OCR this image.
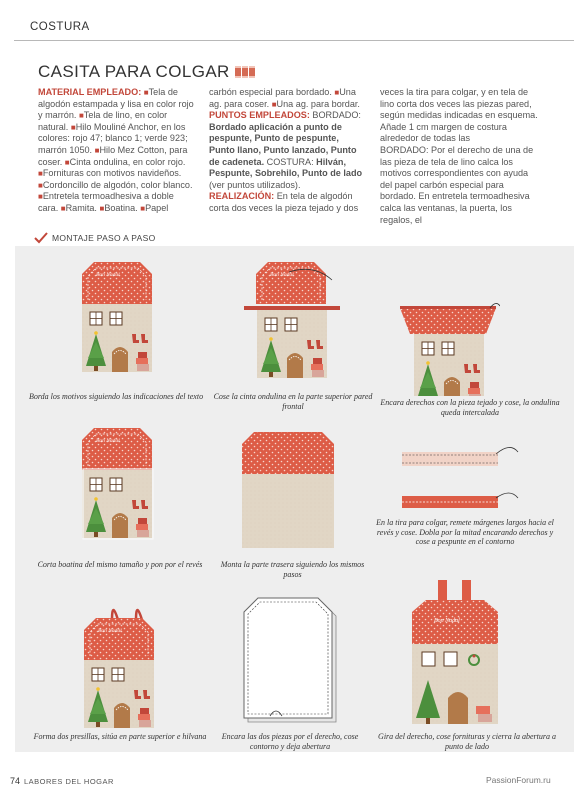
COSTURA
CASITA PARA COLGAR

MATERIAL EMPLEADO: ■Tela de algodón estampada y lisa en color rojo y marrón. ■Tela de lino, en color natural. ■Hilo Mouliné Anchor, en los colores: rojo 47; blanco 1; verde 923; marrón 1050. ■Hilo Mez Cotton, para coser. ■Cinta ondulina, en color rojo. ■Fornituras con motivos navideños. ■Cordoncillo de algodón, color blanco. ■Entretela termoadhesiva a doble cara. ■Ramita. ■Boatina. ■Papel

carbón especial para bordado. ■Una ag. para coser. ■Una ag. para bordar. PUNTOS EMPLEADOS: BORDADO: Bordado aplicación a punto de pespunte, Punto de pespunte, Punto llano, Punto lanzado, Punto de cadeneta. COSTURA: Hilván, Pespunte, Sobrehilo, Punto de lado (ver puntos utilizados). REALIZACIÓN: En tela de algodón corta dos veces la pieza tejado y dos

veces la tira para colgar, y en tela de lino corta dos veces las piezas pared, según medidas indicadas en esquema. Añade 1 cm margen de costura alrededor de todas las

BORDADO: Por el derecho de una de las pieza de tela de lino calca los motivos correspondientes con ayuda del papel carbón especial para bordado. En entretela termoadhesiva calca las ventanas, la puerta, los regalos, el

MONTAJE PASO A PASO
Bon Nadal
Borda los motivos siguiendo las indicaciones del texto
Bon Nadal
Cose la cinta ondulina en la parte superior pared frontal	Encara derechos con la pieza tejado y cose, la ondulina queda intercalada
Bon Nadal
Corta boatina del mismo tamaño y pon por el revés	Monta la parte trasera siguiendo los mismos pasos
En la tira para colgar, remete márgenes largos hacia el revés y cose. Dobla por la mitad encarando derechos y cose a pespunte en el contorno
Bon Nadal
Forma dos presillas, sitúa en parte superior e hilvana	Encara las dos piezas por el derecho, cose contorno y deja abertura
Bon Nadal
Gira del derecho, cose fornituras y cierra la abertura a punto de lado
74 LABORES DEL HOGAR	PassionForum.ru
